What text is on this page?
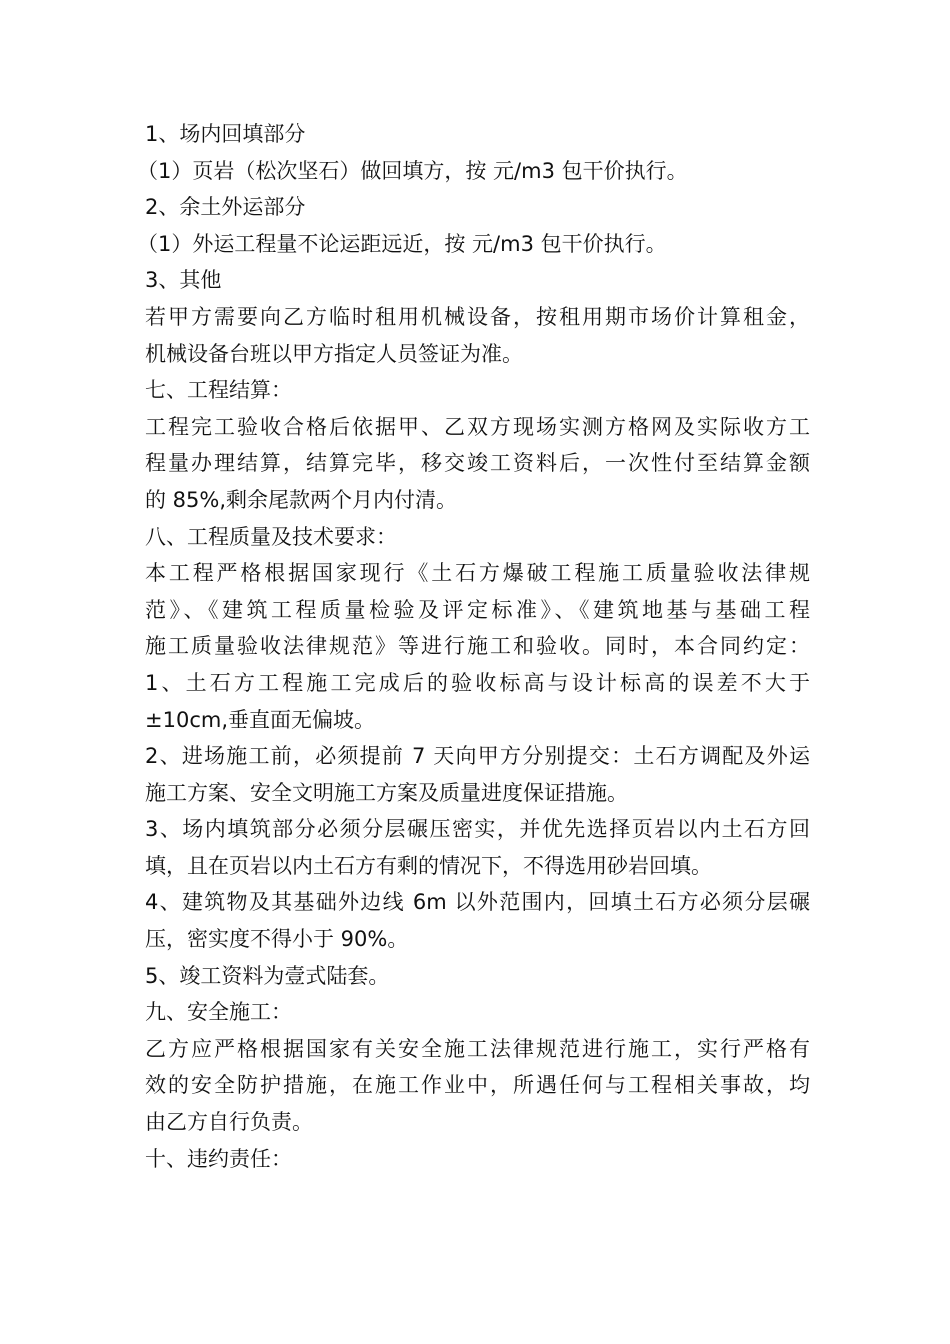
1、场内回填部分
（1）页岩（松次坚石）做回填方，按 元/m3 包干价执行。
2、余土外运部分
（1）外运工程量不论运距远近，按 元/m3 包干价执行。
3、其他
若甲方需要向乙方临时租用机械设备，按租用期市场价计算租金，
机械设备台班以甲方指定人员签证为准。
七、工程结算：
工程完工验收合格后依据甲、乙双方现场实测方格网及实际收方工
程量办理结算，结算完毕，移交竣工资料后，一次性付至结算金额
的 85%,剩余尾款两个月内付清。
八、工程质量及技术要求：
本工程严格根据国家现行《土石方爆破工程施工质量验收法律规
范》、《建筑工程质量检验及评定标准》、《建筑地基与基础工程
施工质量验收法律规范》等进行施工和验收。同时，本合同约定：
1、土石方工程施工完成后的验收标高与设计标高的误差不大于
±10cm,垂直面无偏坡。
2、进场施工前，必须提前 7 天向甲方分别提交：土石方调配及外运
施工方案、安全文明施工方案及质量进度保证措施。
3、场内填筑部分必须分层碾压密实，并优先选择页岩以内土石方回
填，且在页岩以内土石方有剩的情况下，不得选用砂岩回填。
4、建筑物及其基础外边线 6m 以外范围内，回填土石方必须分层碾
压，密实度不得小于 90%。
5、竣工资料为壹式陆套。
九、安全施工：
乙方应严格根据国家有关安全施工法律规范进行施工，实行严格有
效的安全防护措施，在施工作业中，所遇任何与工程相关事故，均
由乙方自行负责。
十、违约责任：
